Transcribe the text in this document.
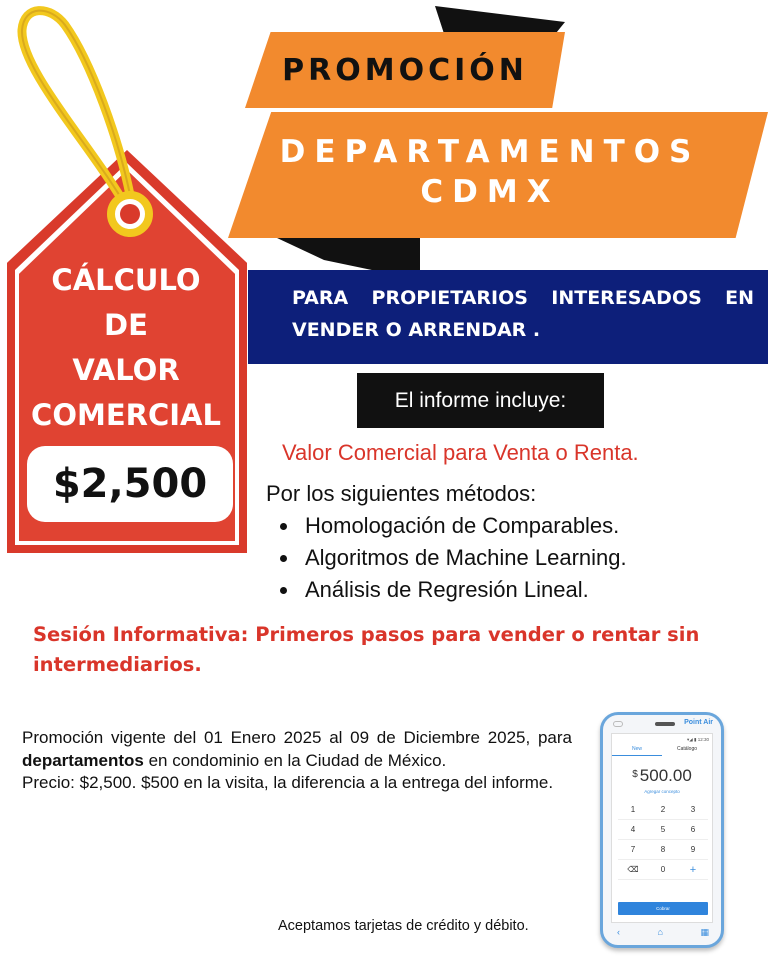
PROMOCIÓN
DEPARTAMENTOS
CDMX
PARA PROPIETARIOS INTERESADOS EN VENDER O ARRENDAR .
CÁLCULO
DE
VALOR
COMERCIAL
$2,500
El informe incluye:
Valor Comercial para Venta o Renta.
Por los siguientes métodos:
Homologación de Comparables.
Algoritmos de Machine Learning.
Análisis de Regresión Lineal.
Sesión Informativa: Primeros pasos para vender o rentar sin intermediarios.

Promoción vigente del 01 Enero 2025 al 09 de Diciembre 2025, para departamentos en condominio en la Ciudad de México.

Precio: $2,500. $500 en la visita, la diferencia a la entrega del informe.

Aceptamos tarjetas de crédito y débito.
Point Air
▾◢ ▮ 12:30
New	Catálogo
$ 500.00
Agregar concepto
1	2	3
4	5	6
7	8	9
⌫	0	+
Cobrar
‹	⌂	▦
